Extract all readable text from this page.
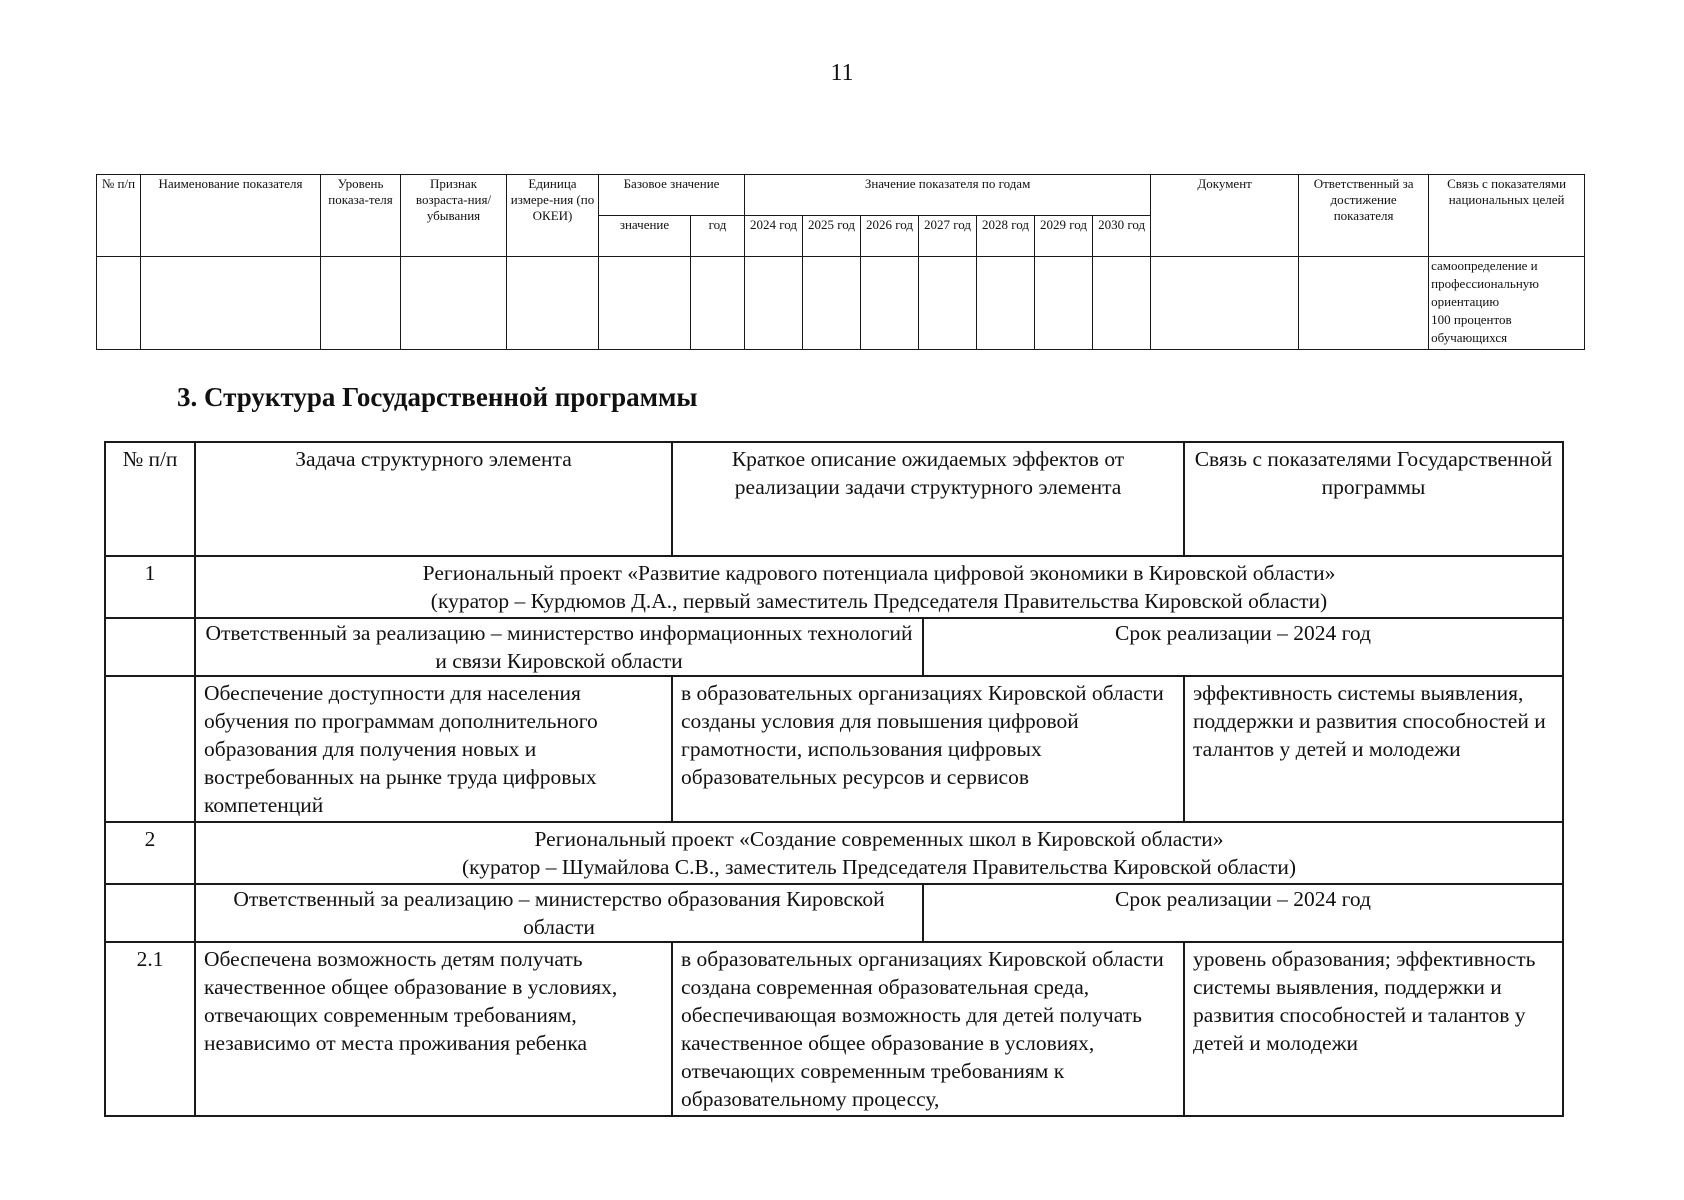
11
№ п/п	Наименование показателя	Уровень показа-теля	Признак возраста-ния/ убывания	Единица измере-ния (по ОКЕИ)	Базовое значение		Значение показателя по годам							Документ	Ответственный за достижение показателя	Связь с показателями национальных целей
					значение	год	2024 год	2025 год	2026 год	2027 год	2028 год	2029 год	2030 год			

																самоопределение и
профессиональную
ориентацию
100 процентов
обучающихся
3. Структура Государственной программы
№ п/п	Задача структурного элемента	Краткое описание ожидаемых эффектов от реализации задачи структурного элемента	Связь с показателями Государственной программы
1	Региональный проект «Развитие кадрового потенциала цифровой экономики в Кировской области»
(куратор – Курдюмов Д.А., первый заместитель Председателя Правительства Кировской области)		

	Ответственный за реализацию – министерство информационных технологий и связи Кировской области
Срок реализации – 2024 год		

	Обеспечение доступности для населения обучения по программам дополнительного образования для получения новых и востребованных на рынке труда цифровых компетенций	в образовательных организациях Кировской области созданы условия для повышения цифровой грамотности, использования цифровых образовательных ресурсов и сервисов	эффективность системы выявления, поддержки и развития способностей и талантов у детей и молодежи
2	Региональный проект «Создание современных школ в Кировской области»
(куратор – Шумайлова С.В., заместитель Председателя Правительства Кировской области)		

	Ответственный за реализацию – министерство образования Кировской области
Срок реализации – 2024 год		

2.1	Обеспечена возможность детям получать качественное общее образование в условиях, отвечающих современным требованиям, независимо от места проживания ребенка	в образовательных организациях Кировской области создана современная образовательная среда, обеспечивающая возможность для детей получать качественное общее образование в условиях, отвечающих современным требованиям к образовательному процессу,	уровень образования; эффективность системы выявления, поддержки и развития способностей и талантов у детей и молодежи
